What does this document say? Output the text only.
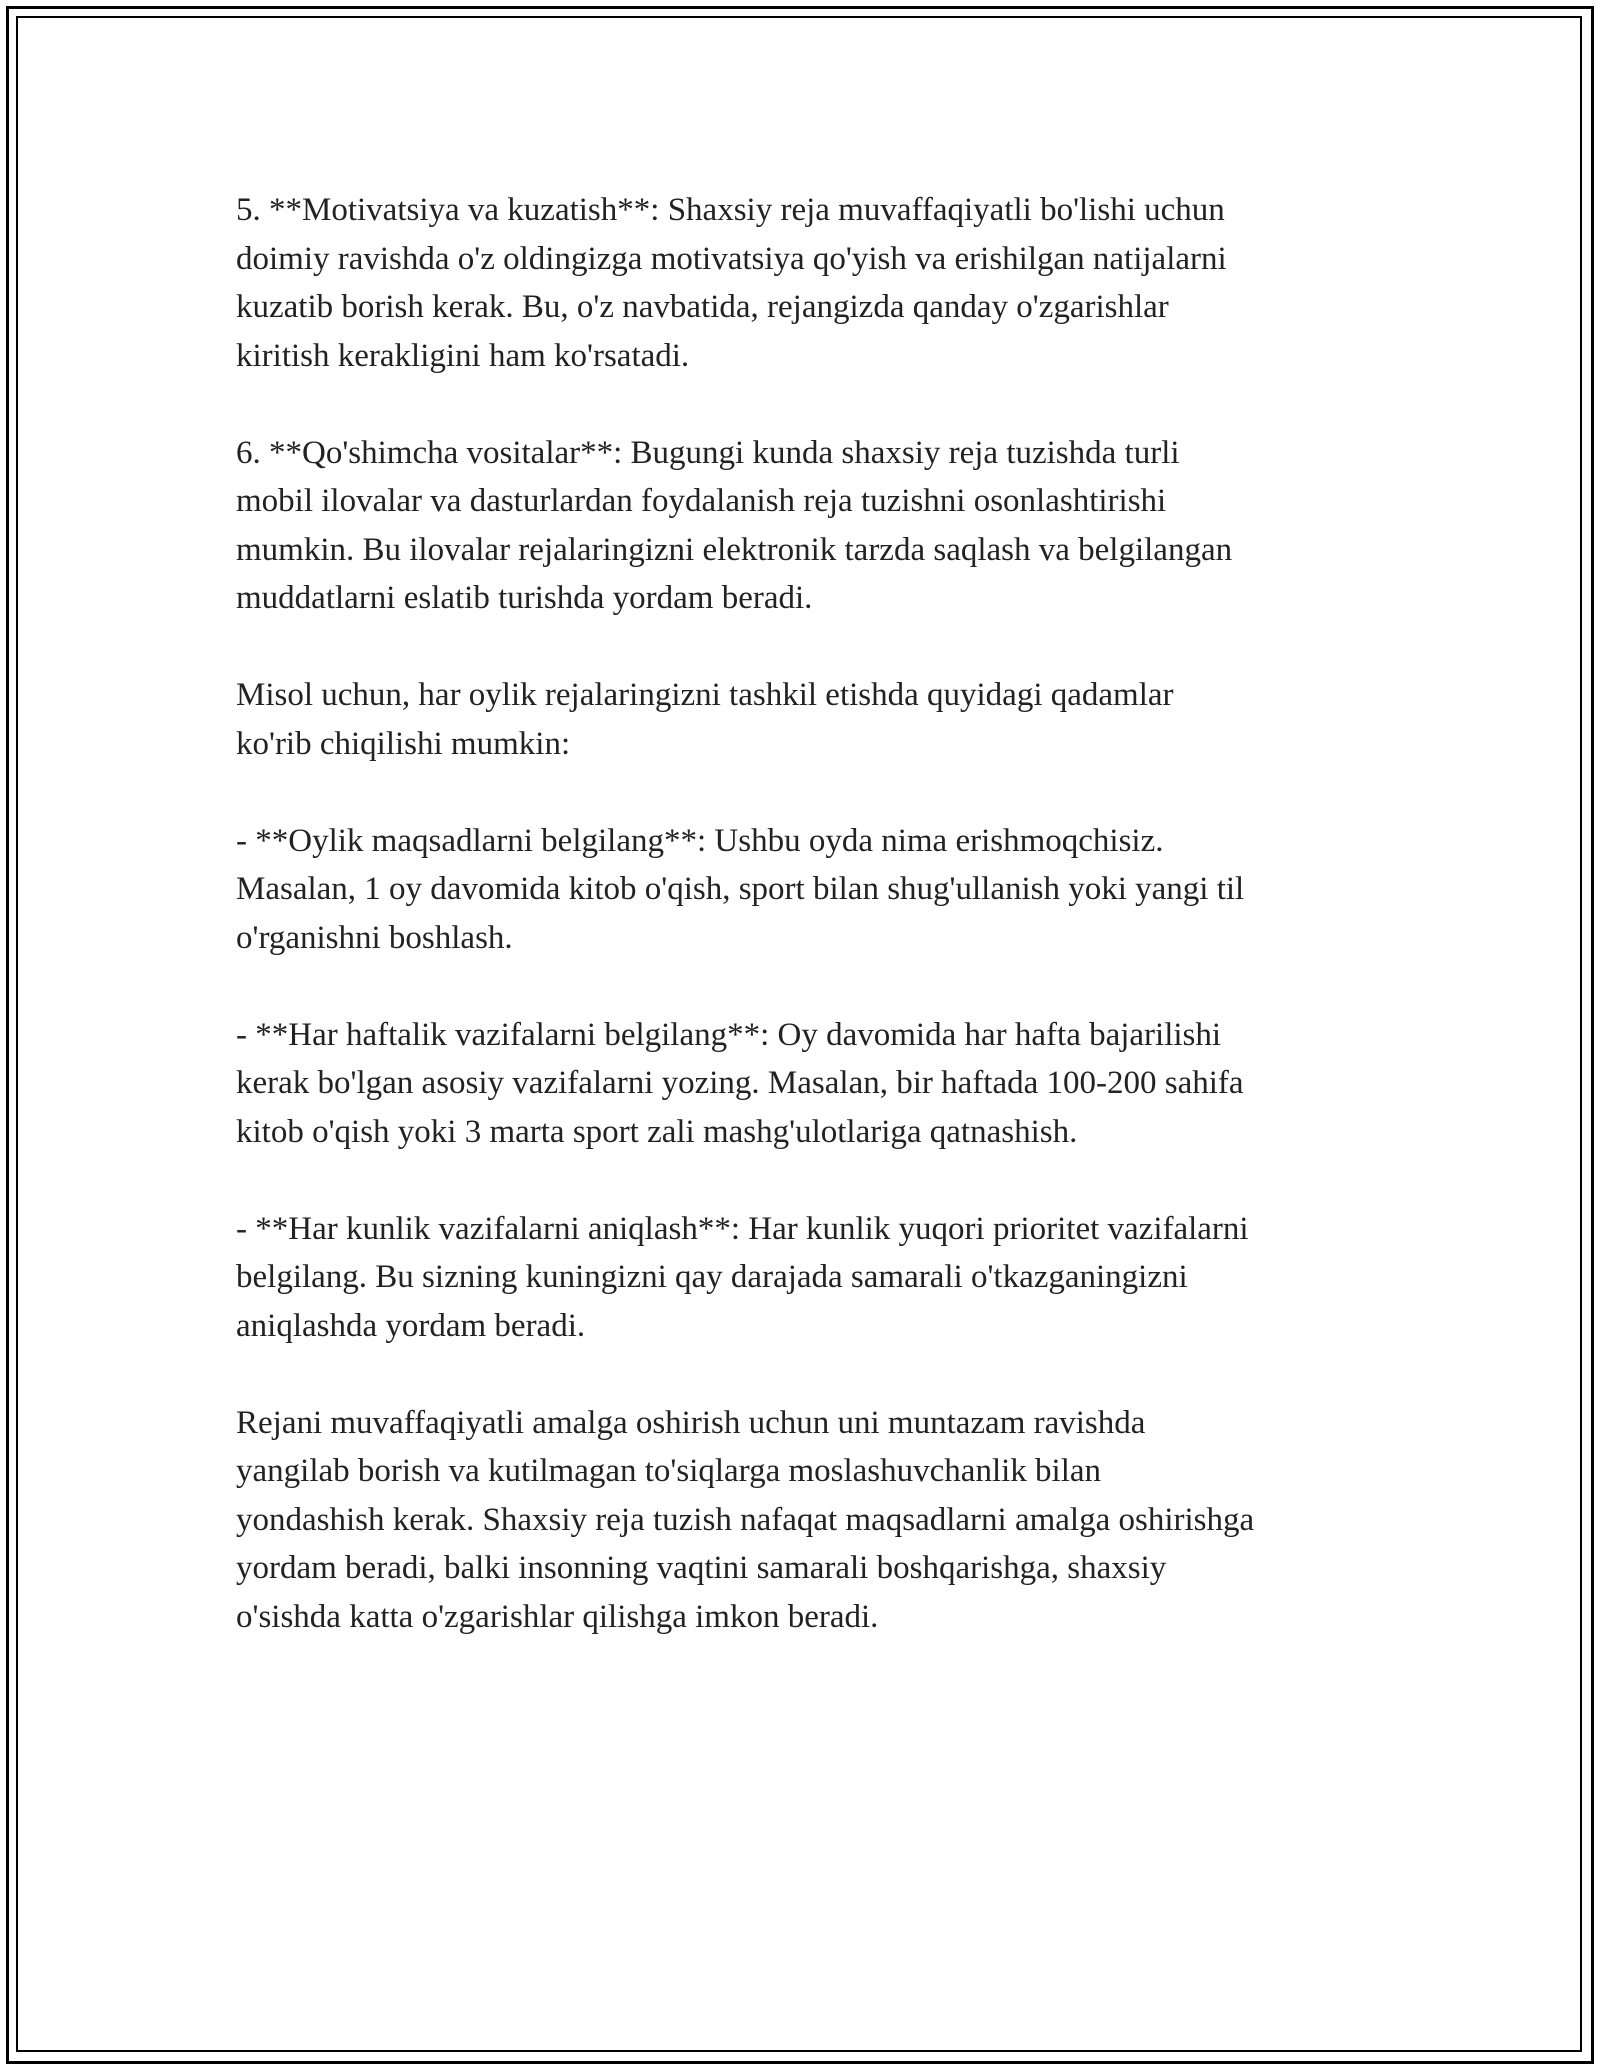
5. **Motivatsiya va kuzatish**: Shaxsiy reja muvaffaqiyatli bo'lishi uchun
doimiy ravishda o'z oldingizga motivatsiya qo'yish va erishilgan natijalarni
kuzatib borish kerak. Bu, o'z navbatida, rejangizda qanday o'zgarishlar
kiritish kerakligini ham ko'rsatadi.

6. **Qo'shimcha vositalar**: Bugungi kunda shaxsiy reja tuzishda turli
mobil ilovalar va dasturlardan foydalanish reja tuzishni osonlashtirishi
mumkin. Bu ilovalar rejalaringizni elektronik tarzda saqlash va belgilangan
muddatlarni eslatib turishda yordam beradi.

Misol uchun, har oylik rejalaringizni tashkil etishda quyidagi qadamlar
ko'rib chiqilishi mumkin:

- **Oylik maqsadlarni belgilang**: Ushbu oyda nima erishmoqchisiz.
Masalan, 1 oy davomida kitob o'qish, sport bilan shug'ullanish yoki yangi til
o'rganishni boshlash.

- **Har haftalik vazifalarni belgilang**: Oy davomida har hafta bajarilishi
kerak bo'lgan asosiy vazifalarni yozing. Masalan, bir haftada 100-200 sahifa
kitob o'qish yoki 3 marta sport zali mashg'ulotlariga qatnashish.

- **Har kunlik vazifalarni aniqlash**: Har kunlik yuqori prioritet vazifalarni
belgilang. Bu sizning kuningizni qay darajada samarali o'tkazganingizni
aniqlashda yordam beradi.

Rejani muvaffaqiyatli amalga oshirish uchun uni muntazam ravishda
yangilab borish va kutilmagan to'siqlarga moslashuvchanlik bilan
yondashish kerak. Shaxsiy reja tuzish nafaqat maqsadlarni amalga oshirishga
yordam beradi, balki insonning vaqtini samarali boshqarishga, shaxsiy
o'sishda katta o'zgarishlar qilishga imkon beradi.
